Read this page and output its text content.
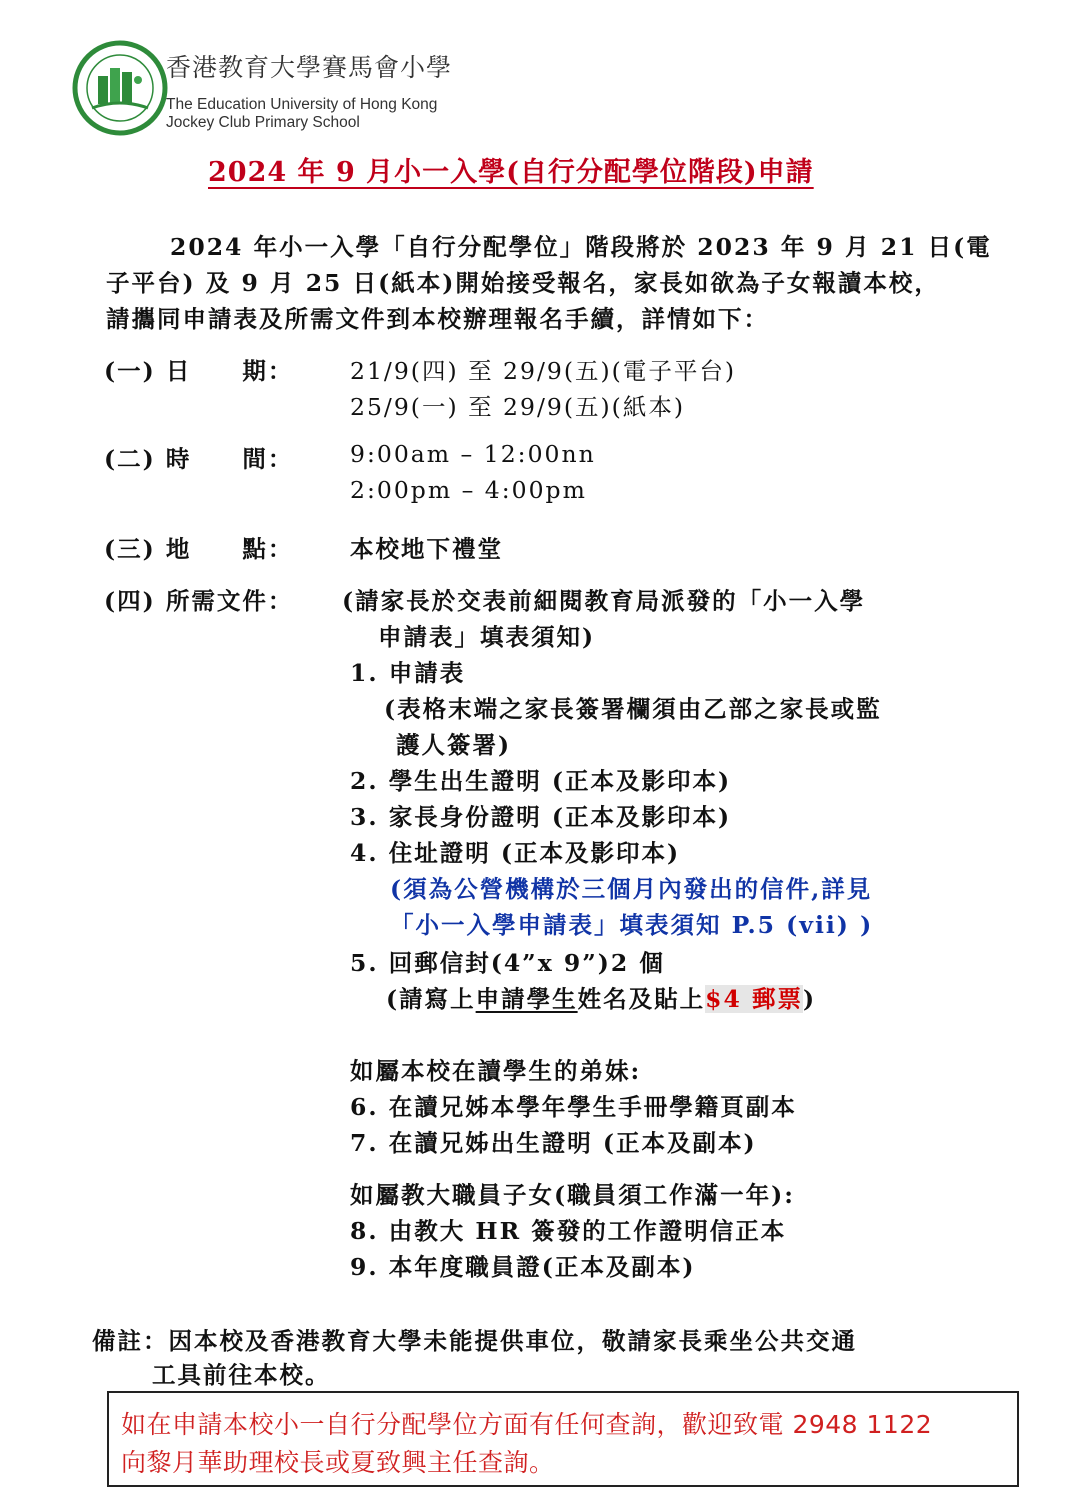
香港教育大學賽馬會小學
The Education University of Hong Kong
Jockey Club Primary School
2024 年 9 月小一入學(自行分配學位階段)申請
2024 年小一入學「自行分配學位」階段將於 2023 年 9 月 21 日(電
子平台) 及 9 月 25 日(紙本)開始接受報名，家長如欲為子女報讀本校，
請攜同申請表及所需文件到本校辦理報名手續，詳情如下：
(一) 日　　期： 21/9(四) 至 29/9(五)(電子平台)
25/9(一) 至 29/9(五)(紙本)
(二) 時　　間： 9:00am – 12:00nn
2:00pm – 4:00pm
(三) 地　　點： 本校地下禮堂
(四) 所需文件： (請家長於交表前細閱教育局派發的「小一入學
申請表」填表須知)
1. 申請表
(表格末端之家長簽署欄須由乙部之家長或監
護人簽署)
2. 學生出生證明 (正本及影印本)
3. 家長身份證明 (正本及影印本)
4. 住址證明 (正本及影印本)
(須為公營機構於三個月內發出的信件,詳見
「小一入學申請表」填表須知 P.5 (vii) )
5. 回郵信封(4”x 9”)2 個
(請寫上申請學生姓名及貼上$4 郵票)
如屬本校在讀學生的弟妹:
6. 在讀兄姊本學年學生手冊學籍頁副本
7. 在讀兄姊出生證明 (正本及副本)
如屬教大職員子女(職員須工作滿一年):
8. 由教大 HR 簽發的工作證明信正本
9. 本年度職員證(正本及副本)
備註：因本校及香港教育大學未能提供車位，敬請家長乘坐公共交通
工具前往本校。
如在申請本校小一自行分配學位方面有任何查詢，歡迎致電 2948 1122
向黎月華助理校長或夏致興主任查詢。
